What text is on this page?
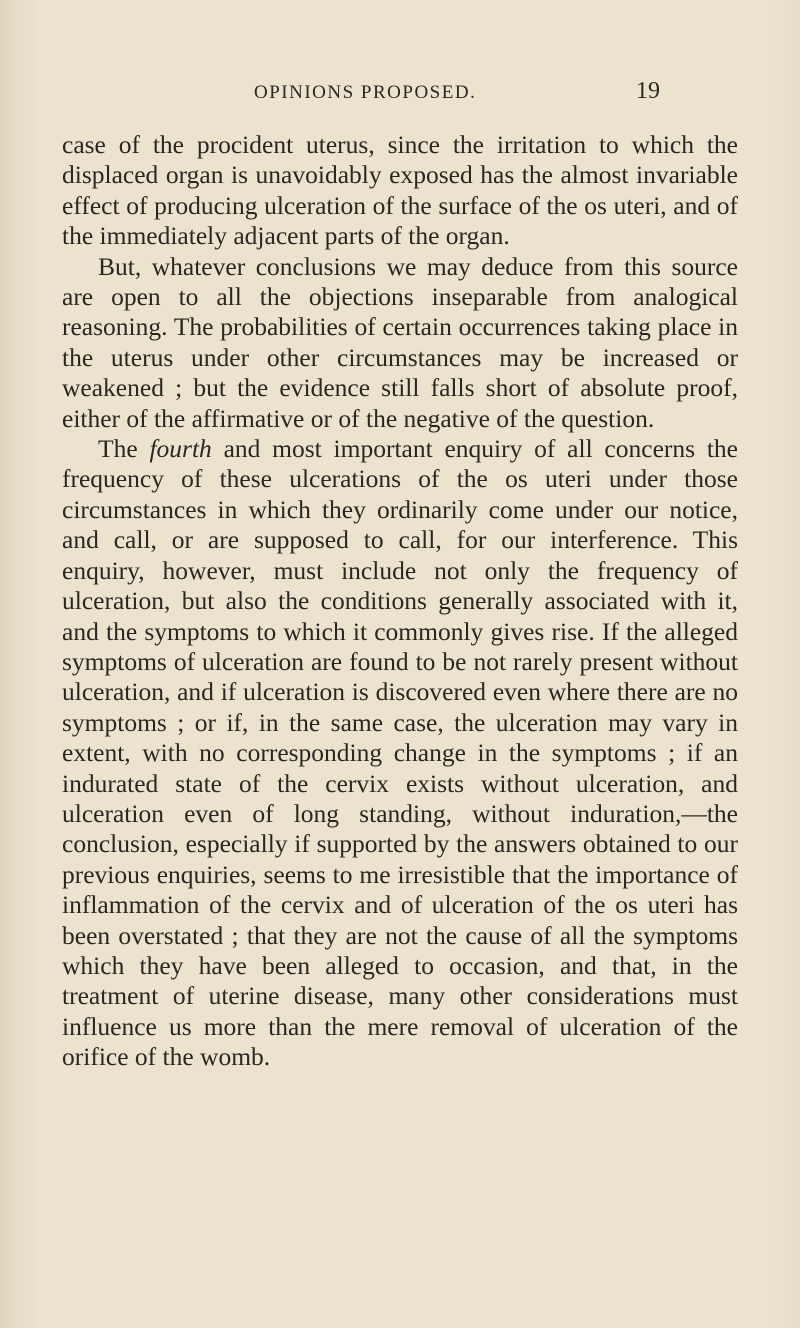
OPINIONS PROPOSED.	19

case of the procident uterus, since the irritation to which the displaced organ is unavoidably exposed has the almost invariable effect of producing ulceration of the surface of the os uteri, and of the immediately adjacent parts of the organ.

But, whatever conclusions we may deduce from this source are open to all the objections inseparable from analogical reasoning. The probabilities of certain occurrences taking place in the uterus under other circumstances may be increased or weakened ; but the evidence still falls short of absolute proof, either of the affirmative or of the negative of the question.

The fourth and most important enquiry of all concerns the frequency of these ulcerations of the os uteri under those circumstances in which they ordinarily come under our notice, and call, or are supposed to call, for our interference. This enquiry, however, must include not only the frequency of ulceration, but also the conditions generally associated with it, and the symptoms to which it commonly gives rise. If the alleged symptoms of ulceration are found to be not rarely present without ulceration, and if ulceration is discovered even where there are no symptoms ; or if, in the same case, the ulceration may vary in extent, with no corresponding change in the symptoms ; if an indurated state of the cervix exists without ulceration, and ulceration even of long standing, without induration,—the conclusion, especially if supported by the answers obtained to our previous enquiries, seems to me irresistible that the importance of inflammation of the cervix and of ulceration of the os uteri has been overstated ; that they are not the cause of all the symptoms which they have been alleged to occasion, and that, in the treatment of uterine disease, many other considerations must influence us more than the mere removal of ulceration of the orifice of the womb.
